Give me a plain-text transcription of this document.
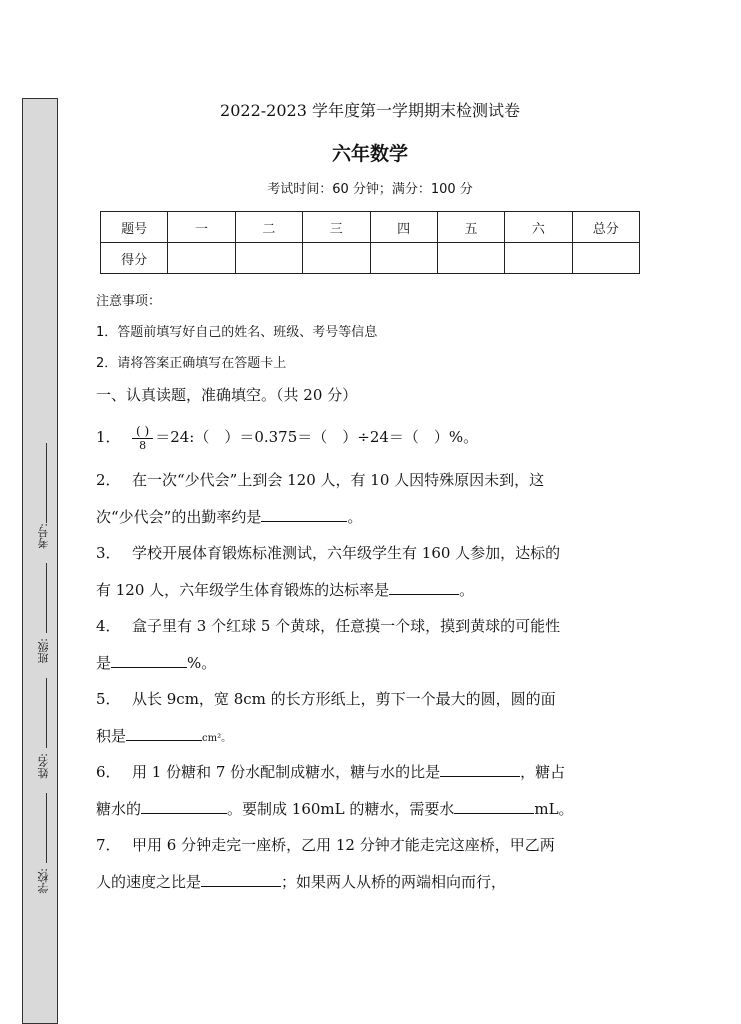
考号:
班级:
姓名:
学校:
2022-2023 学年度第一学期期末检测试卷
六年数学
考试时间：60 分钟；满分：100 分
题号	一	二	三	四	五	六	总分
得分							
注意事项：
1．答题前填写好自己的姓名、班级、考号等信息
2．请将答案正确填写在答题卡上
一、认真读题，准确填空。（共 20 分）
1． $\frac{( )}{8}$ ＝24:（　）＝0.375＝（　）÷24＝（　）%。
2． 在一次“少代会”上到会 120 人，有 10 人因特殊原因未到，这
次“少代会”的出勤率约是	。
3． 学校开展体育锻炼标准测试，六年级学生有 160 人参加，达标的
有 120 人，六年级学生体育锻炼的达标率是	。
4． 盒子里有 3 个红球 5 个黄球，任意摸一个球，摸到黄球的可能性
是	%。
5． 从长 9cm，宽 8cm 的长方形纸上，剪下一个最大的圆，圆的面
积是	cm²。
6． 用 1 份糖和 7 份水配制成糖水，糖与水的比是	，糖占
糖水的	。要制成 160mL 的糖水，需要水	mL。
7． 甲用 6 分钟走完一座桥，乙用 12 分钟才能走完这座桥，甲乙两
人的速度之比是	；如果两人从桥的两端相向而行，
